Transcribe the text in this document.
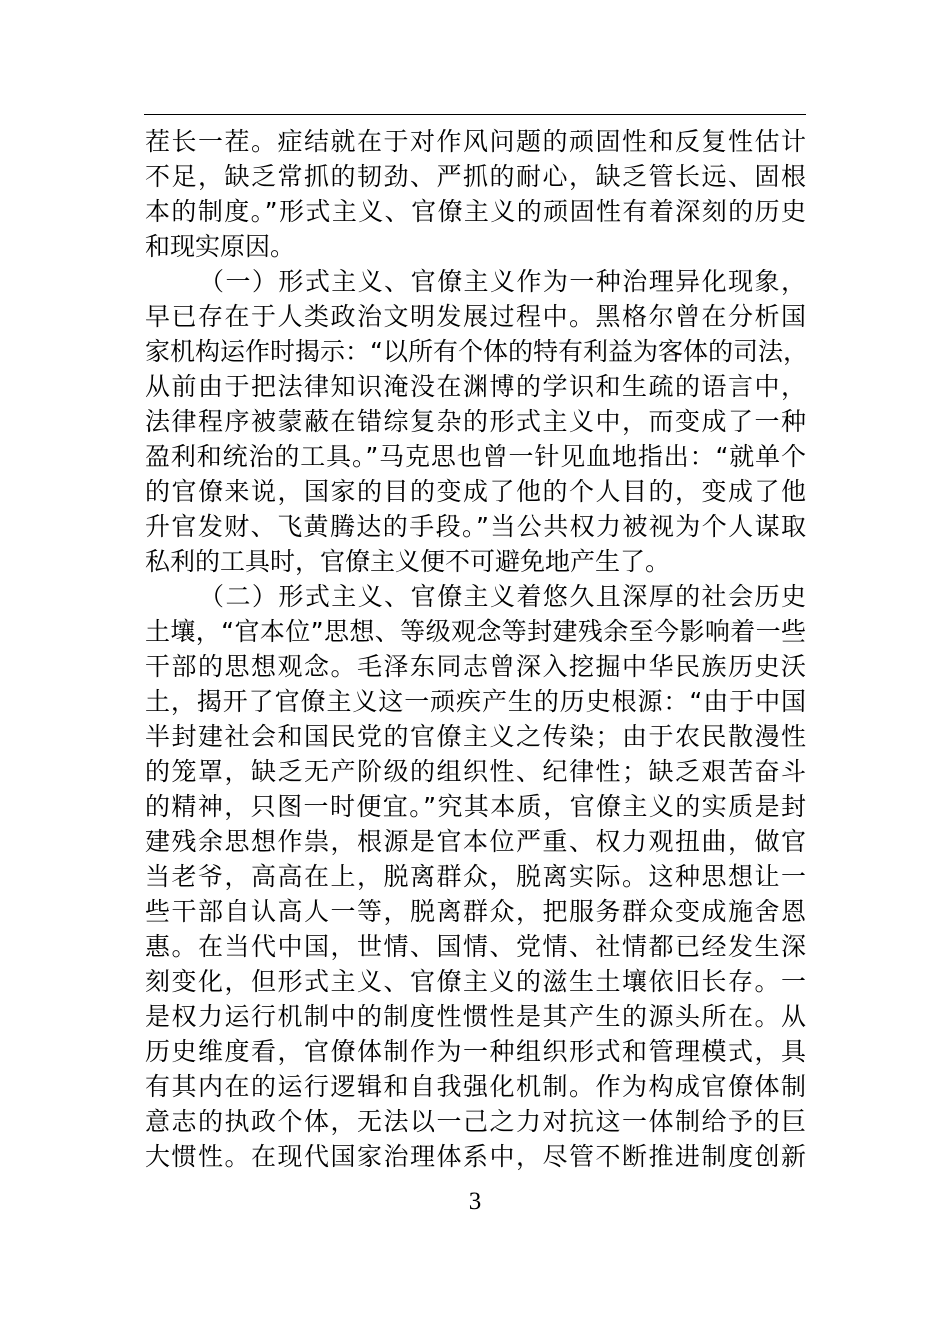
茬长一茬。症结就在于对作风问题的顽固性和反复性估计
不足，缺乏常抓的韧劲、严抓的耐心，缺乏管长远、固根
本的制度。”形式主义、官僚主义的顽固性有着深刻的历史
和现实原因。
（一）形式主义、官僚主义作为一种治理异化现象，
早已存在于人类政治文明发展过程中。黑格尔曾在分析国
家机构运作时揭示：“以所有个体的特有利益为客体的司法，
从前由于把法律知识淹没在渊博的学识和生疏的语言中，
法律程序被蒙蔽在错综复杂的形式主义中，而变成了一种
盈利和统治的工具。”马克思也曾一针见血地指出：“就单个
的官僚来说，国家的目的变成了他的个人目的，变成了他
升官发财、飞黄腾达的手段。”当公共权力被视为个人谋取
私利的工具时，官僚主义便不可避免地产生了。
（二）形式主义、官僚主义着悠久且深厚的社会历史
土壤，“官本位”思想、等级观念等封建残余至今影响着一些
干部的思想观念。毛泽东同志曾深入挖掘中华民族历史沃
土，揭开了官僚主义这一顽疾产生的历史根源：“由于中国
半封建社会和国民党的官僚主义之传染；由于农民散漫性
的笼罩，缺乏无产阶级的组织性、纪律性；缺乏艰苦奋斗
的精神，只图一时便宜。”究其本质，官僚主义的实质是封
建残余思想作祟，根源是官本位严重、权力观扭曲，做官
当老爷，高高在上，脱离群众，脱离实际。这种思想让一
些干部自认高人一等，脱离群众，把服务群众变成施舍恩
惠。在当代中国，世情、国情、党情、社情都已经发生深
刻变化，但形式主义、官僚主义的滋生土壤依旧长存。一
是权力运行机制中的制度性惯性是其产生的源头所在。从
历史维度看，官僚体制作为一种组织形式和管理模式，具
有其内在的运行逻辑和自我强化机制。作为构成官僚体制
意志的执政个体，无法以一己之力对抗这一体制给予的巨
大惯性。在现代国家治理体系中，尽管不断推进制度创新
3
